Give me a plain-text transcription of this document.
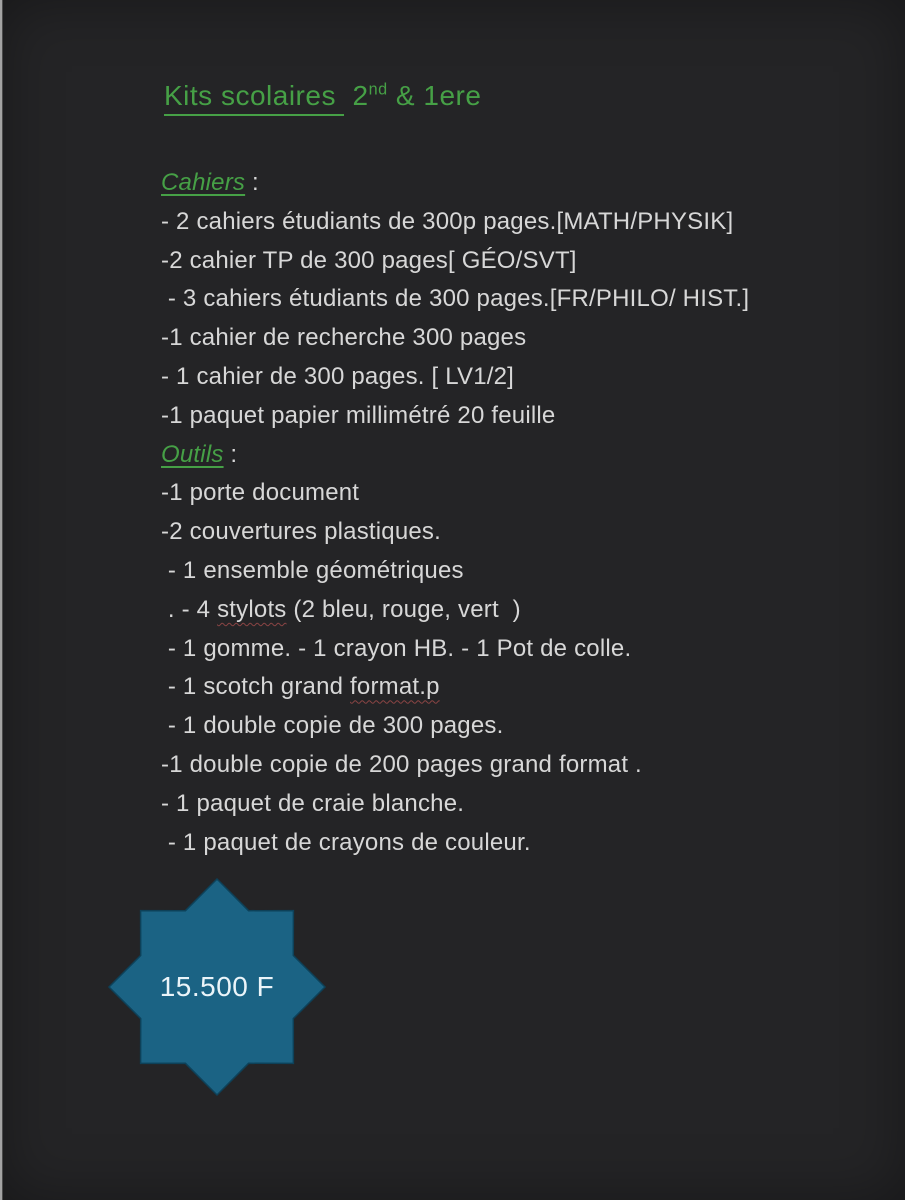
Kits scolaires  2nd & 1ere
Cahiers :
- 2 cahiers étudiants de 300p pages.[MATH/PHYSIK]
-2 cahier TP de 300 pages[ GÉO/SVT]
- 3 cahiers étudiants de 300 pages.[FR/PHILO/ HIST.]
-1 cahier de recherche 300 pages
- 1 cahier de 300 pages. [ LV1/2]
-1 paquet papier millimétré 20 feuille
Outils :
-1 porte document
-2 couvertures plastiques.
- 1 ensemble géométriques
. - 4 stylots (2 bleu, rouge, vert  )
- 1 gomme. - 1 crayon HB. - 1 Pot de colle.
- 1 scotch grand format.p
- 1 double copie de 300 pages.
-1 double copie de 200 pages grand format .
- 1 paquet de craie blanche.
- 1 paquet de crayons de couleur.
15.500 F
